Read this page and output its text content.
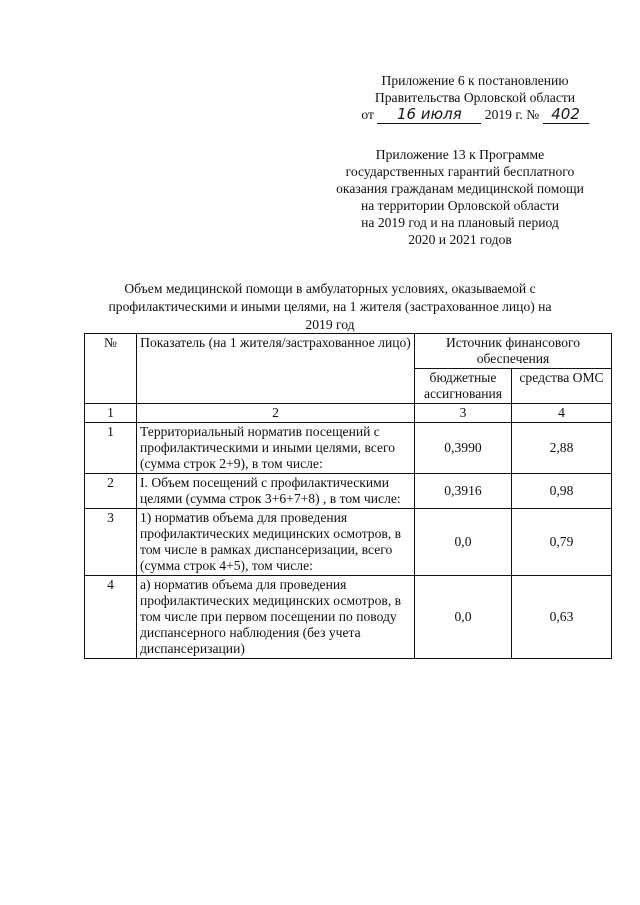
Приложение 6 к постановлению
Правительства Орловской области
от 16 июля 2019 г. № 402
Приложение 13 к Программе
государственных гарантий бесплатного
оказания гражданам медицинской помощи
на территории Орловской области
на 2019 год и на плановый период
2020 и 2021 годов
Объем медицинской помощи в амбулаторных условиях, оказываемой с
профилактическими и иными целями, на 1 жителя (застрахованное лицо) на
2019 год
№	Показатель (на 1 жителя/застрахованное лицо)	Источник финансового обеспечения	
		бюджетные ассигнования	средства ОМС
1	2	3	4
1	Территориальный норматив посещений с профилактическими и иными целями, всего (сумма строк 2+9), в том числе:	0,3990	2,88
2	I. Объем посещений с профилактическими целями (сумма строк 3+6+7+8) , в том числе:	0,3916	0,98
3	1) норматив объема для проведения профилактических медицинских осмотров, в том числе в рамках диспансеризации, всего (сумма строк 4+5), том числе:	0,0	0,79
4	а) норматив объема для проведения профилактических медицинских осмотров, в том числе при первом посещении по поводу диспансерного наблюдения (без учета диспансеризации)	0,0	0,63
